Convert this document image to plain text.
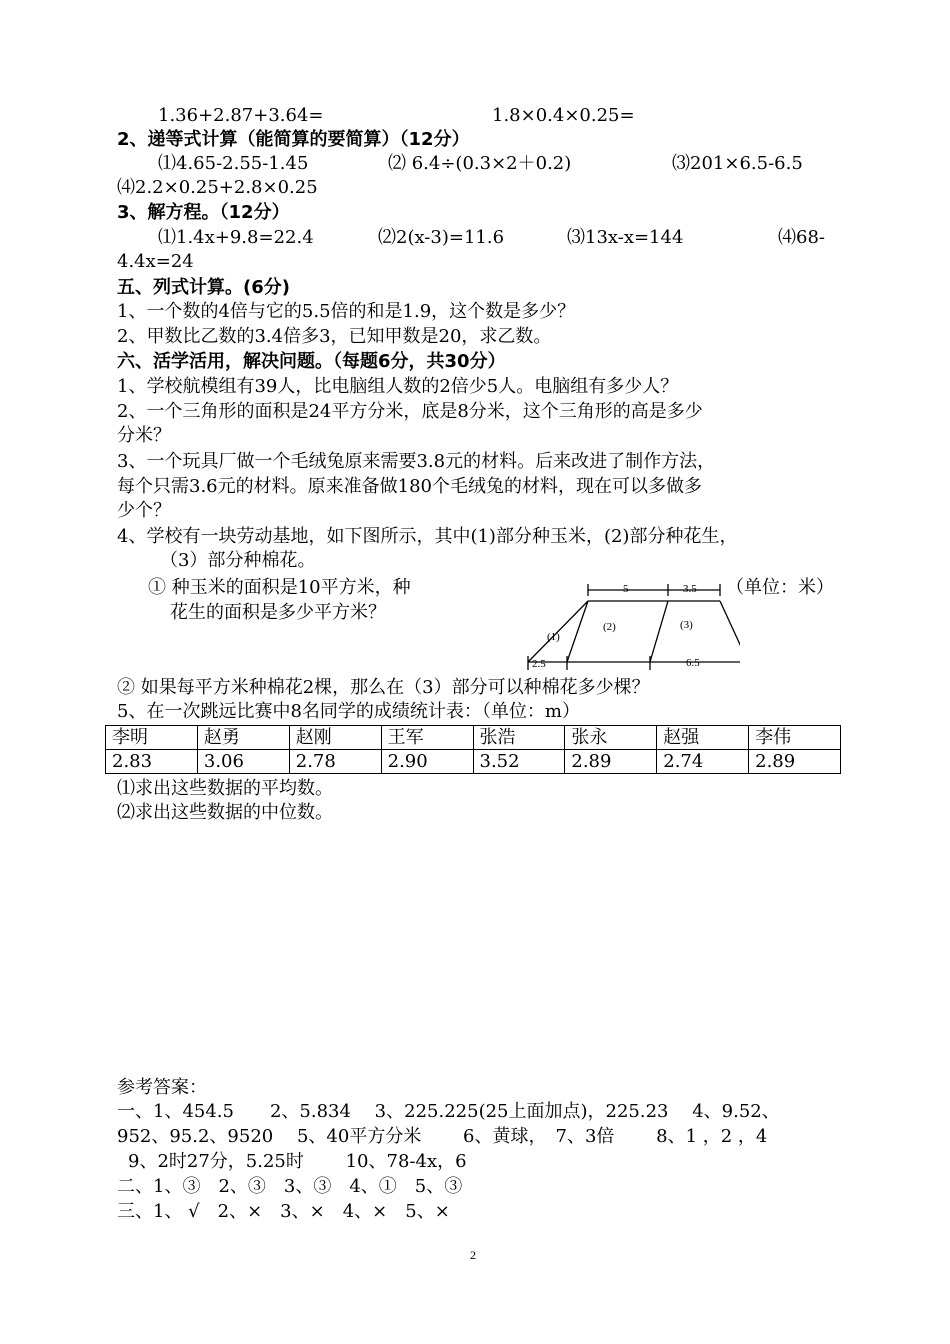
1.36+2.87+3.64=	1.8×0.4×0.25=
2、递等式计算（能简算的要简算）（12分）
⑴4.65-2.55-1.45	⑵ 6.4÷(0.3×2＋0.2)	⑶201×6.5-6.5
⑷2.2×0.25+2.8×0.25
3、解方程。（12分）
⑴1.4x+9.8=22.4	⑵2(x-3)=11.6	⑶13x-x=144	⑷68-
4.4x=24
五、列式计算。(6分)
1、一个数的4倍与它的5.5倍的和是1.9，这个数是多少？
2、甲数比乙数的3.4倍多3，已知甲数是20，求乙数。
六、活学活用，解决问题。（每题6分，共30分）
1、学校航模组有39人，比电脑组人数的2倍少5人。电脑组有多少人？
2、一个三角形的面积是24平方分米，底是8分米，这个三角形的高是多少
分米？
3、一个玩具厂做一个毛绒兔原来需要3.8元的材料。后来改进了制作方法，
每个只需3.6元的材料。原来准备做180个毛绒兔的材料，现在可以多做多
少个？
4、学校有一块劳动基地，如下图所示，其中(1)部分种玉米，(2)部分种花生，
（3）部分种棉花。
① 种玉米的面积是10平方米，种
花生的面积是多少平方米？
（单位：米）
5	3.5
2.5	6.5
(1)
(2)	(3)
② 如果每平方米种棉花2棵，那么在（3）部分可以种棉花多少棵？
5、在一次跳远比赛中8名同学的成绩统计表：（单位：m）
李明	赵勇	赵刚	王军	张浩	张永	赵强	李伟
2.83	3.06	2.78	2.90	3.52	2.89	2.74	2.89
⑴求出这些数据的平均数。
⑵求出这些数据的中位数。
参考答案：
一、1、454.5　　2、5.834　 3、225.225(25上面加点)，225.23　 4、9.52、
952、95.2、9520　 5、40平方分米　　 6、黄球，　7、3倍　　 8、1 ，2 ，4
9、2时27分，5.25时　　 10、78-4x，6
二、1、③　2、③　3、③　4、①　5、③
三、1、 √　2、×　3、×　4、×　5、×
2
